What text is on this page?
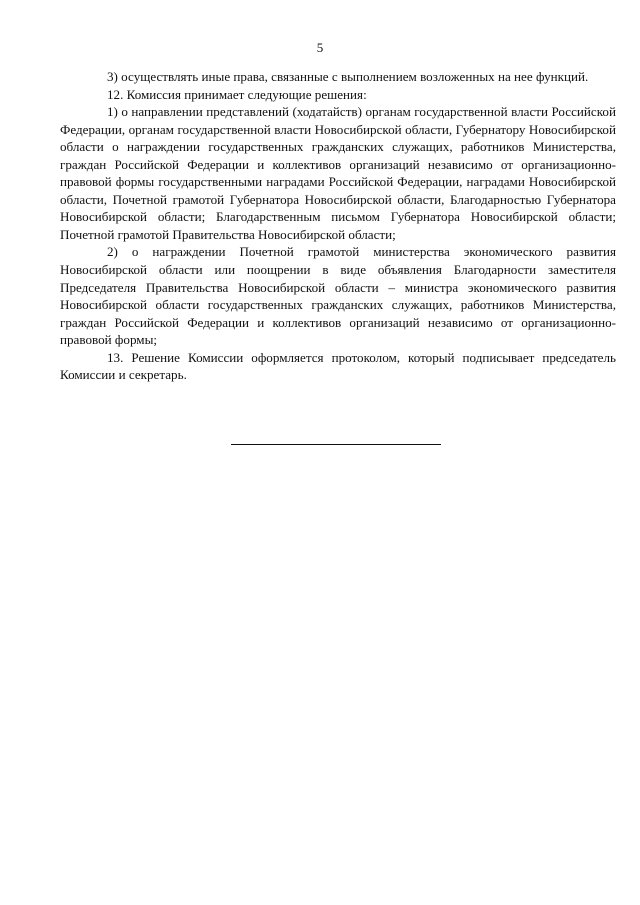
5

3) осуществлять иные права, связанные с выполнением возложенных на нее функций.

12. Комиссия принимает следующие решения:

1) о направлении представлений (ходатайств) органам государственной власти Российской Федерации, органам государственной власти Новосибирской области, Губернатору Новосибирской области о награждении государственных гражданских служащих, работников Министерства, граждан Российской Федерации и коллективов организаций независимо от организационно-правовой формы государственными наградами Российской Федерации, наградами Новосибирской области, Почетной грамотой Губернатора Новосибирской области, Благодарностью Губернатора Новосибирской области; Благодарственным письмом Губернатора Новосибирской области; Почетной грамотой Правительства Новосибирской области;

2) о награждении Почетной грамотой министерства экономического развития Новосибирской области или поощрении в виде объявления Благодарности заместителя Председателя Правительства Новосибирской области – министра экономического развития Новосибирской области государственных гражданских служащих, работников Министерства, граждан Российской Федерации и коллективов организаций независимо от организационно-правовой формы;

13. Решение Комиссии оформляется протоколом, который подписывает председатель Комиссии и секретарь.
